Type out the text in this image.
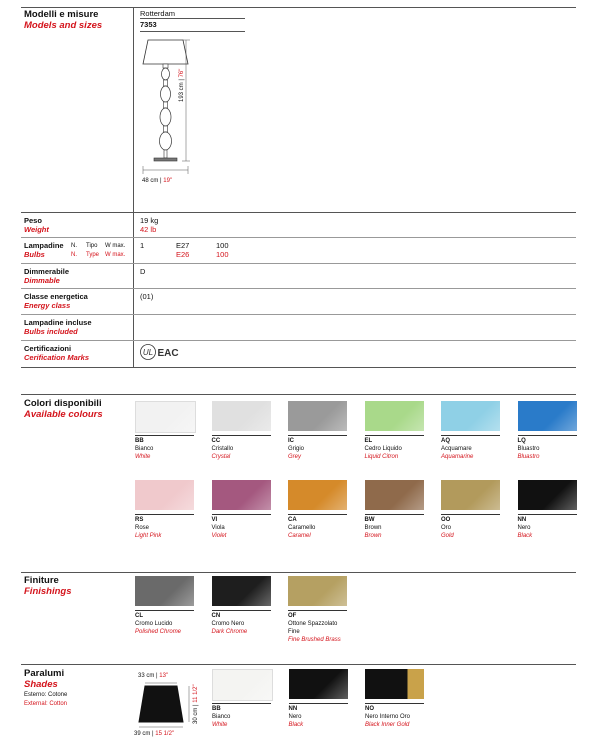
Modelli e misure
Models and sizes
Rotterdam
7353
193 cm | 76"
48 cm | 19"
Peso
Weight
19 kg
42 lb
Lampadine
Bulbs
N. Tipo W max.
N. Type W max.
1	E27
E26
100
100
Dimmerabile
Dimmable
D
Classe energetica
Energy class
(01)
Lampadine incluse
Bulbs included
Certificazioni
Cerification Marks
UL EAC
Colori disponibili
Available colours
BB
Bianco
White
CC
Cristallo
Crystal
IC
Grigio
Grey
EL
Cedro Liquido
Liquid Citron
AQ
Acquamare
Aquamarine
LQ
Bluastro
Bluastro
RS
Rose
Light Pink
VI
Viola
Violet
CA
Caramello
Caramel
BW
Brown
Brown
OO
Oro
Gold
NN
Nero
Black
Finiture
Finishings
CL
Cromo Lucido
Polished Chrome
CN
Cromo Nero
Dark Chrome
OF
Ottone Spazzolato Fine
Fine Brushed Brass
Paralumi
Shades
Esterno: Cotone
External: Cotton
33 cm | 13"
30 cm | 11 1/2"
39 cm | 15 1/2"
BB
Bianco
White
NN
Nero
Black
NO
Nero Interno Oro
Black Inner Gold
